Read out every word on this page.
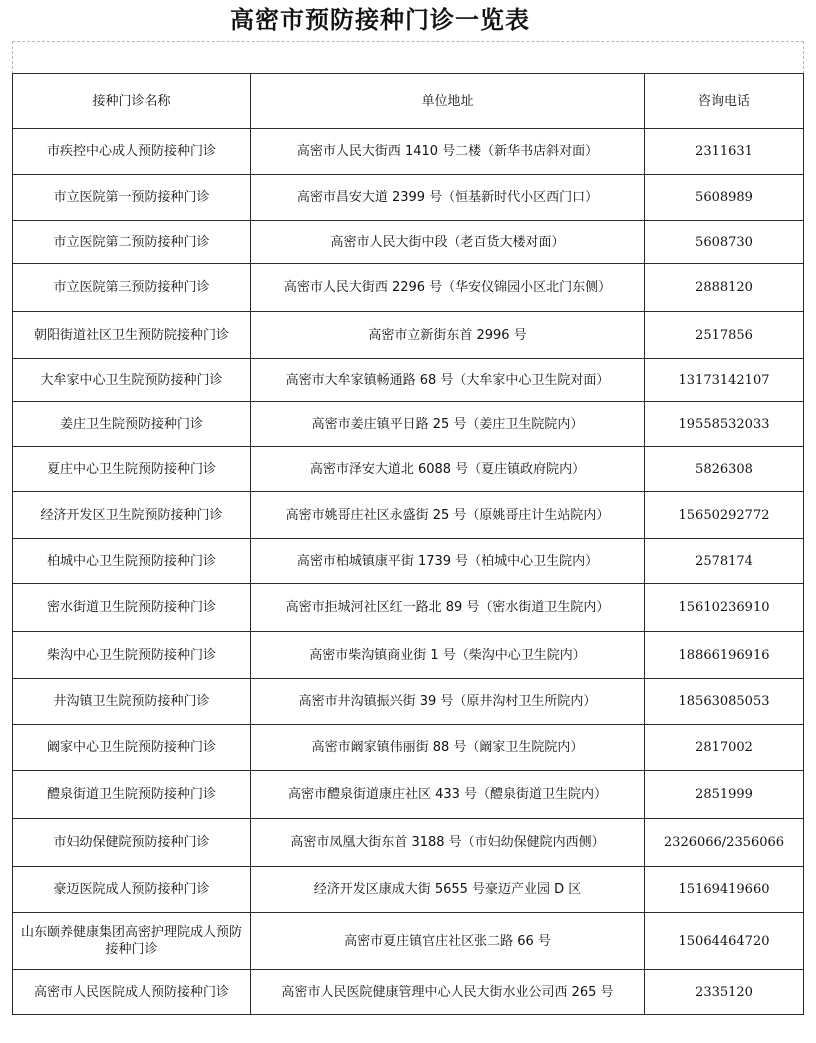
高密市预防接种门诊一览表
接种门诊名称	单位地址	咨询电话
市疾控中心成人预防接种门诊	高密市人民大街西 1410 号二楼（新华书店斜对面）	2311631
市立医院第一预防接种门诊	高密市昌安大道 2399 号（恒基新时代小区西门口）	5608989
市立医院第二预防接种门诊	高密市人民大街中段（老百货大楼对面）	5608730
市立医院第三预防接种门诊	高密市人民大街西 2296 号（华安仪锦园小区北门东侧）	2888120
朝阳街道社区卫生预防院接种门诊	高密市立新街东首 2996 号	2517856
大牟家中心卫生院预防接种门诊	高密市大牟家镇畅通路 68 号（大牟家中心卫生院对面）	13173142107
姜庄卫生院预防接种门诊	高密市姜庄镇平日路 25 号（姜庄卫生院院内）	19558532033
夏庄中心卫生院预防接种门诊	高密市泽安大道北 6088 号（夏庄镇政府院内）	5826308
经济开发区卫生院预防接种门诊	高密市姚哥庄社区永盛街 25 号（原姚哥庄计生站院内）	15650292772
柏城中心卫生院预防接种门诊	高密市柏城镇康平街 1739 号（柏城中心卫生院内）	2578174
密水街道卫生院预防接种门诊	高密市拒城河社区红一路北 89 号（密水街道卫生院内）	15610236910
柴沟中心卫生院预防接种门诊	高密市柴沟镇商业街 1 号（柴沟中心卫生院内）	18866196916
井沟镇卫生院预防接种门诊	高密市井沟镇振兴街 39 号（原井沟村卫生所院内）	18563085053
阚家中心卫生院预防接种门诊	高密市阚家镇伟丽街 88 号（阚家卫生院院内）	2817002
醴泉街道卫生院预防接种门诊	高密市醴泉街道康庄社区 433 号（醴泉街道卫生院内）	2851999
市妇幼保健院预防接种门诊	高密市凤凰大街东首 3188 号（市妇幼保健院内西侧）	2326066/2356066
豪迈医院成人预防接种门诊	经济开发区康成大街 5655 号豪迈产业园 D 区	15169419660
山东颐养健康集团高密护理院成人预防接种门诊	高密市夏庄镇官庄社区张二路 66 号	15064464720
高密市人民医院成人预防接种门诊	高密市人民医院健康管理中心人民大街水业公司西 265 号	2335120
